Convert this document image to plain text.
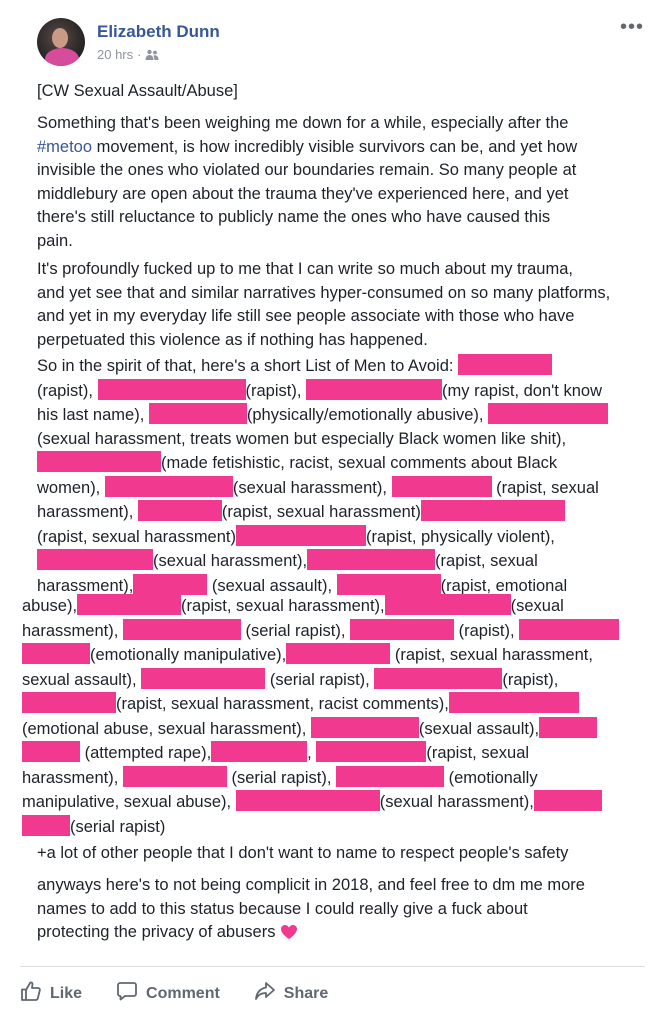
Elizabeth Dunn
20 hrs ·
•••
[CW Sexual Assault/Abuse]
Something that's been weighing me down for a while, especially after the
#metoo movement, is how incredibly visible survivors can be, and yet how
invisible the ones who violated our boundaries remain. So many people at
middlebury are open about the trauma they've experienced here, and yet
there's still reluctance to publicly name the ones who have caused this
pain.
It's profoundly fucked up to me that I can write so much about my trauma,
and yet see that and similar narratives hyper-consumed on so many platforms,
and yet in my everyday life still see people associate with those who have
perpetuated this violence as if nothing has happened.
So in the spirit of that, here's a short List of Men to Avoid:
(rapist),	(rapist),	(my rapist, don't know
his last name),	(physically/emotionally abusive),
(sexual harassment, treats women but especially Black women like shit),
(made fetishistic, racist, sexual comments about Black
women),	(sexual harassment),	(rapist, sexual
harassment),	(rapist, sexual harassment)
(rapist, sexual harassment)	(rapist, physically violent),
(sexual harassment),	(rapist, sexual
harassment),	(sexual assault),	(rapist, emotional
abuse),	(rapist, sexual harassment),	(sexual
harassment),	(serial rapist),	(rapist),
(emotionally manipulative),	(rapist, sexual harassment,
sexual assault),	(serial rapist),	(rapist),
(rapist, sexual harassment, racist comments),
(emotional abuse, sexual harassment),	(sexual assault),
(attempted rape),	,	(rapist, sexual
harassment),	(serial rapist),	(emotionally
manipulative, sexual abuse),	(sexual harassment),
(serial rapist)
+a lot of other people that I don't want to name to respect people's safety
anyways here's to not being complicit in 2018, and feel free to dm me more
names to add to this status because I could really give a fuck about
protecting the privacy of abusers
Like	Comment	Share
